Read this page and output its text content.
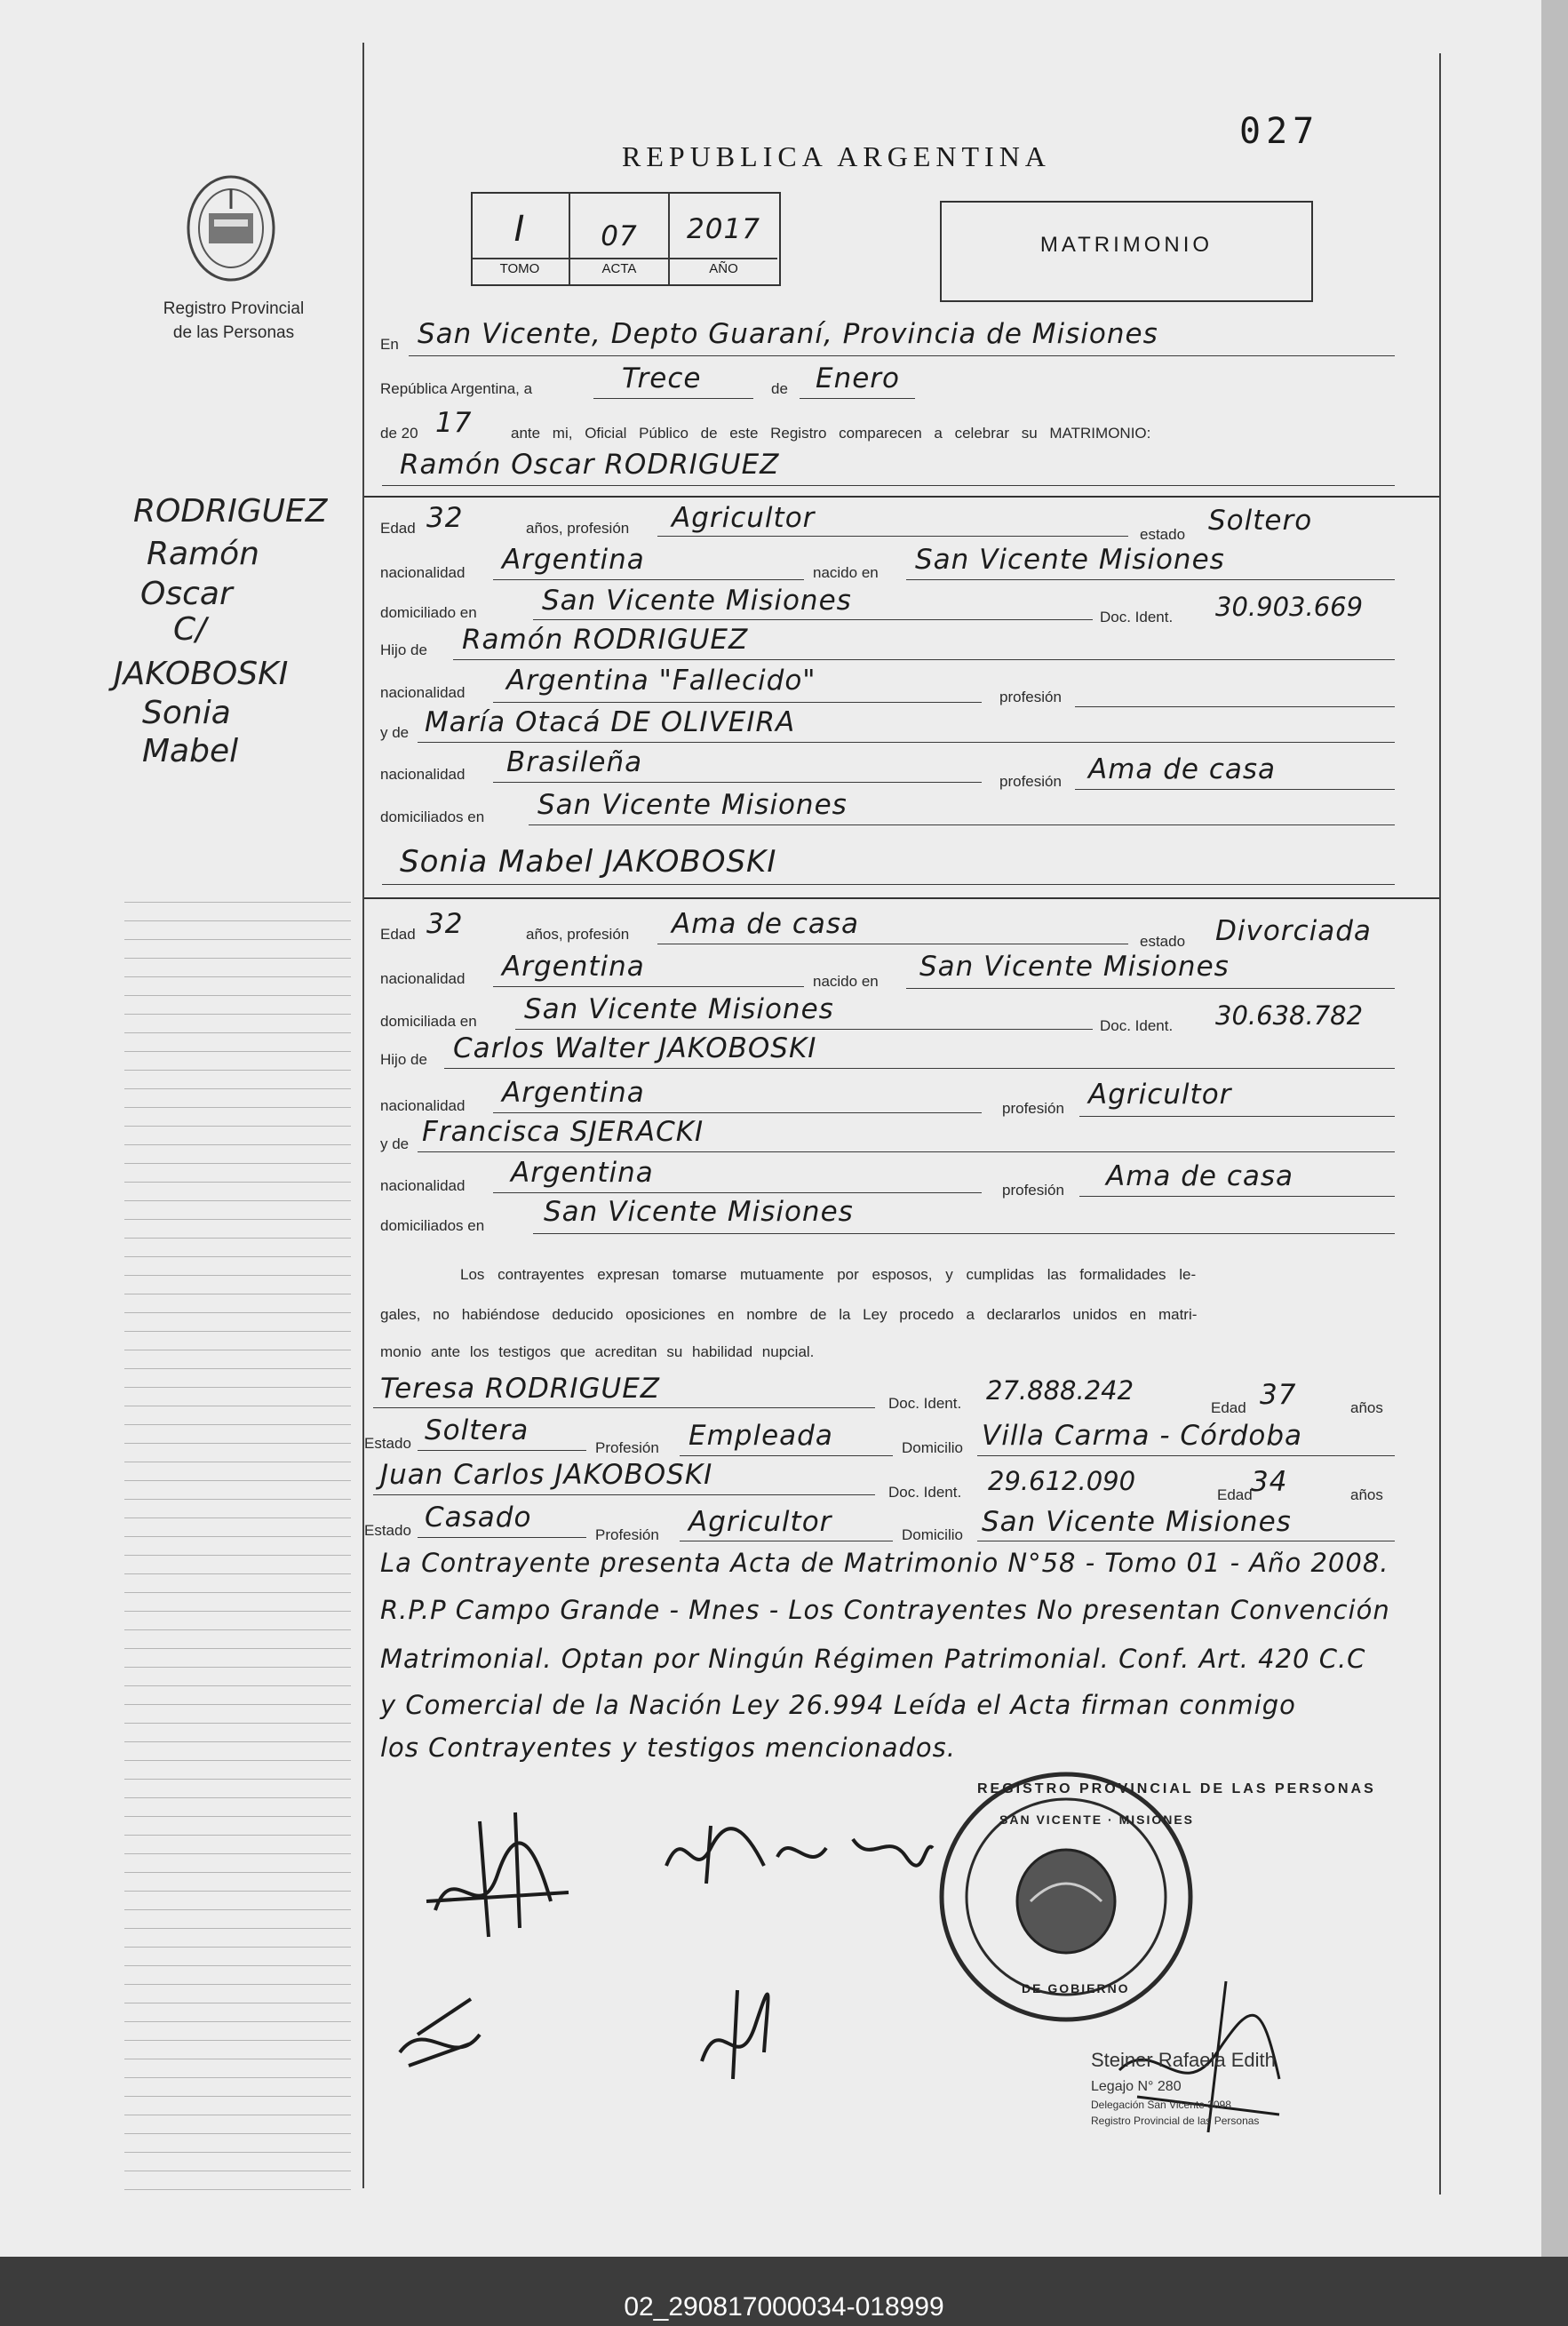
02_290817000034-018999
Registro Provincial
de las Personas
REPUBLICA ARGENTINA
027
I	07	2017
TOMO	ACTA	AÑO
MATRIMONIO
RODRIGUEZ
Ramón
Oscar
C/
JAKOBOSKI
Sonia
Mabel
En San Vicente, Depto Guaraní, Provincia de Misiones
República Argentina, a	Trece	de Enero
de 20 17	ante mi, Oficial Público de este Registro comparecen a celebrar su MATRIMONIO:
Ramón Oscar RODRIGUEZ
Edad 32	años, profesión Agricultor
estado Soltero
nacionalidad Argentina	nacido en San Vicente Misiones
domiciliado en San Vicente Misiones
Doc. Ident. 30.903.669
Hijo de Ramón RODRIGUEZ
nacionalidad Argentina "Fallecido"
profesión
y de María Otacá DE OLIVEIRA
nacionalidad Brasileña
profesión Ama de casa
domiciliados en San Vicente Misiones
Sonia Mabel JAKOBOSKI
Edad 32	años, profesión Ama de casa
estado Divorciada
nacionalidad Argentina	nacido en San Vicente Misiones
domiciliada en San Vicente Misiones
Doc. Ident. 30.638.782
Hijo de Carlos Walter JAKOBOSKI
nacionalidad Argentina	profesión Agricultor
y de Francisca SJERACKI
nacionalidad Argentina
profesión Ama de casa
domiciliados en San Vicente Misiones
Los contrayentes expresan tomarse mutuamente por esposos, y cumplidas las formalidades le-
gales, no habiéndose deducido oposiciones en nombre de la Ley procedo a declararlos unidos en matri-
monio ante los testigos que acreditan su habilidad nupcial.
Teresa RODRIGUEZ	Doc. Ident. 27.888.242
Edad 37	años
Estado Soltera
Profesión Empleada	Domicilio Villa Carma - Córdoba
Juan Carlos JAKOBOSKI
Doc. Ident. 29.612.090	Edad
34	años
Estado Casado
Profesión Agricultor	Domicilio San Vicente Misiones
La Contrayente presenta Acta de Matrimonio N°58 - Tomo 01 - Año 2008.
R.P.P Campo Grande - Mnes - Los Contrayentes No presentan Convención
Matrimonial. Optan por Ningún Régimen Patrimonial. Conf. Art. 420 C.C
y Comercial de la Nación Ley 26.994 Leída el Acta firman conmigo
los Contrayentes y testigos mencionados.
REGISTRO PROVINCIAL DE LAS PERSONAS
SAN VICENTE · MISIONES
DE GOBIERNO
Steiner Rafaela Edith
Legajo N° 280
Delegación San Vicente 3098
Registro Provincial de las Personas
